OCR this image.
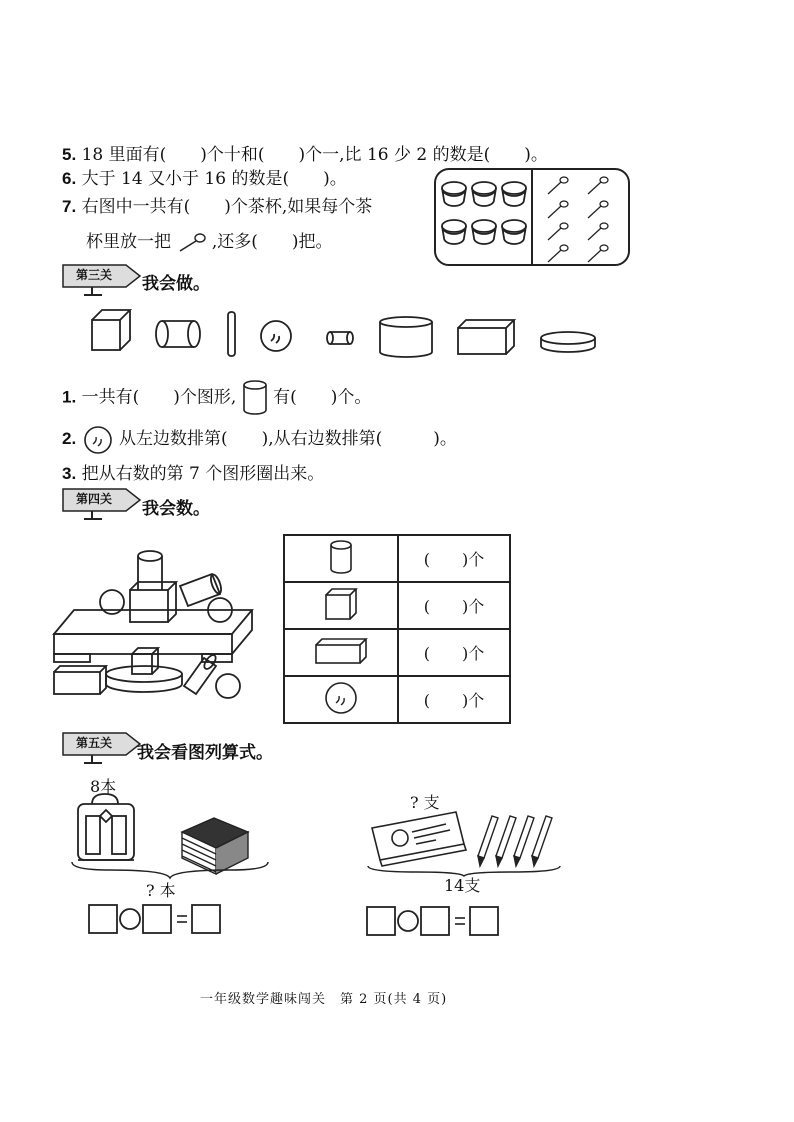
5. 18 里面有(　　)个十和(　　)个一,比 16 少 2 的数是(　　)。
6. 大于 14 又小于 16 的数是(　　)。
7. 右图中一共有(　　)个茶杯,如果每个茶
杯里放一把 ,还多(　　)把。
第三关	我会做。
1. 一共有(　　)个图形, 有(　　)个。
2.	从左边数排第(　　),从右边数排第(　　　)。
3. 把从右数的第 7 个图形圈出来。
第四关	我会数。
	(　　)个
	(　　)个
	(　　)个
	(　　)个
第五关	我会看图列算式。
8本
? 本
? 支
14支
一年级数学趣味闯关　第 2 页(共 4 页)
